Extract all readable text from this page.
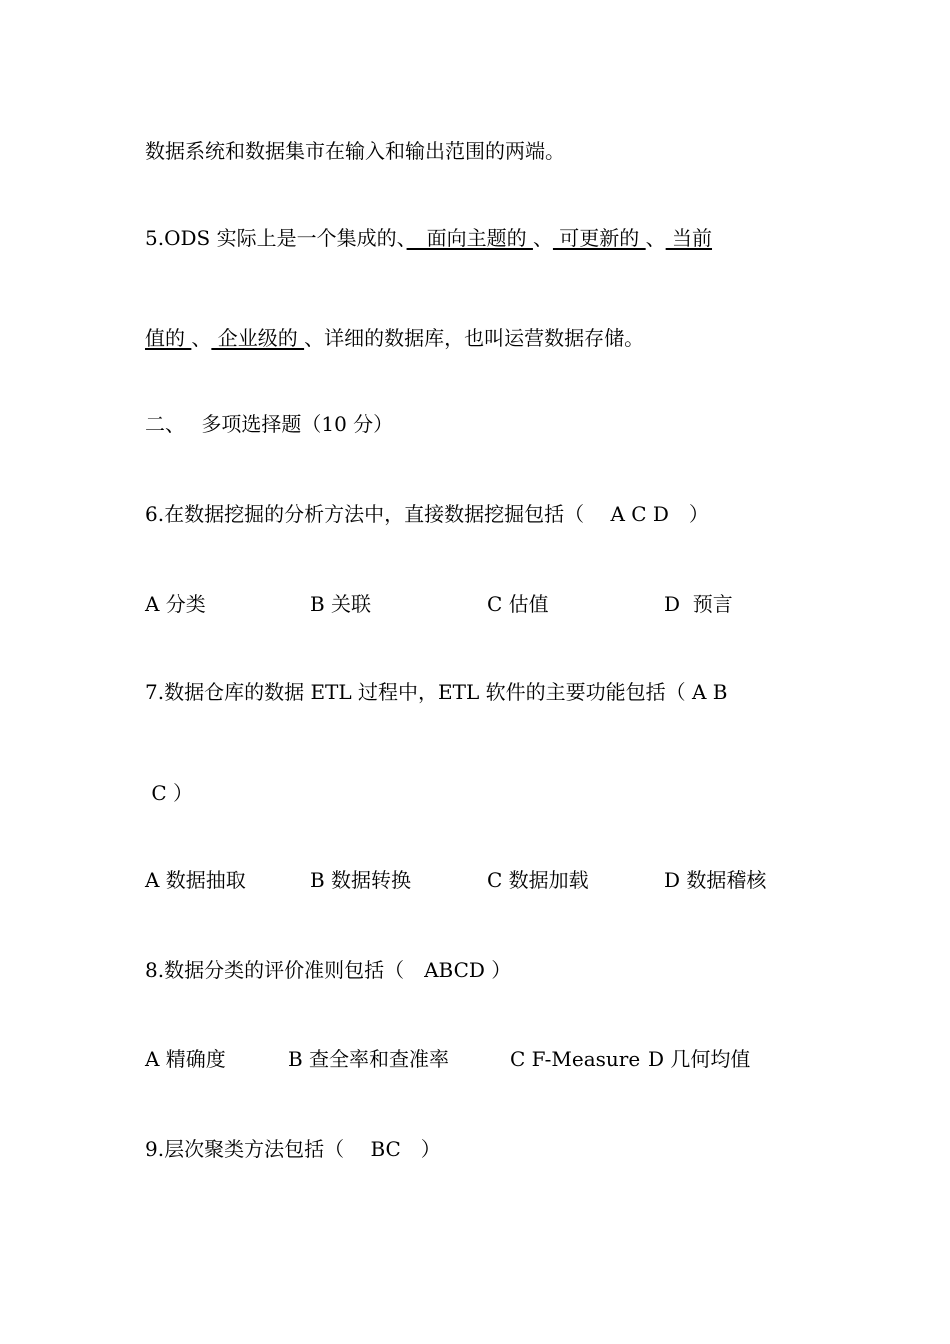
数据系统和数据集市在输入和输出范围的两端。
5.ODS 实际上是一个集成的、　面向主题的 、 可更新的 、 当前
值的 、 企业级的 、详细的数据库，也叫运营数据存储。
二、　 多项选择题（10 分）
6.在数据挖掘的分析方法中，直接数据挖掘包括（　 A C D　）
A 分类	B 关联	C 估值	D  预言
7.数据仓库的数据 ETL 过程中，ETL 软件的主要功能包括（ A B
C ）
A 数据抽取	B 数据转换	C 数据加载	D 数据稽核
8.数据分类的评价准则包括（　ABCD ）
A 精确度	B 查全率和查准率	C F-Measure D 几何均值
9.层次聚类方法包括（　 BC　）
